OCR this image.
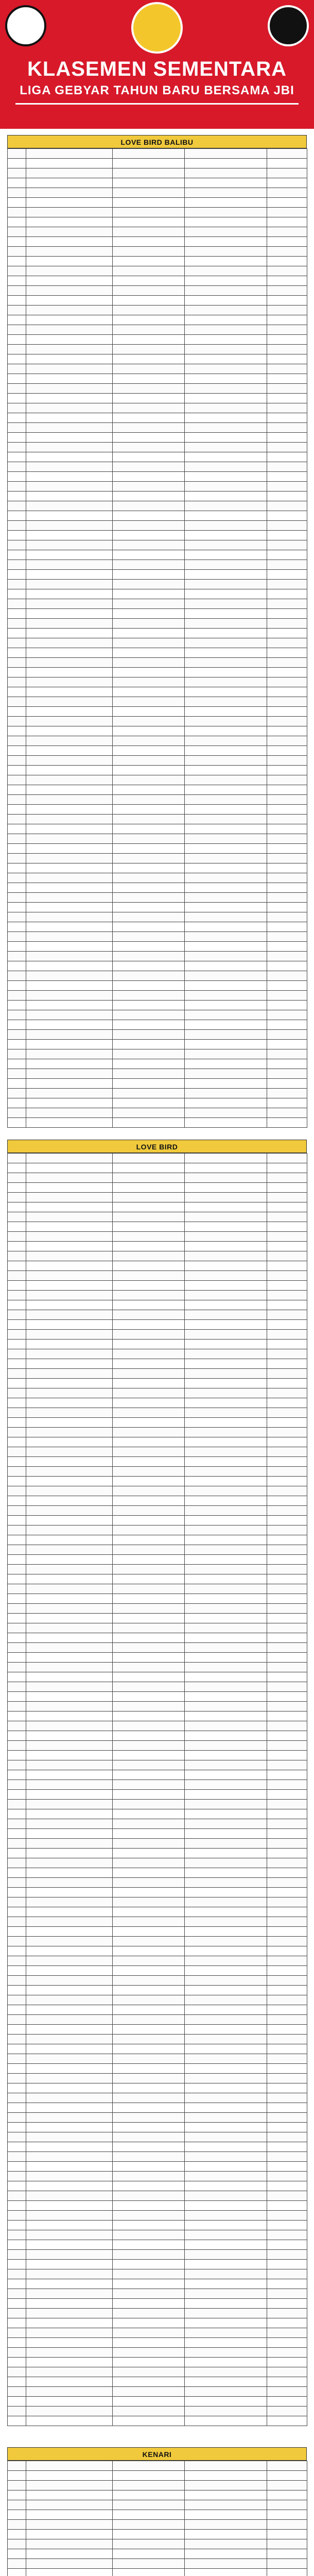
KLASEMEN SEMENTARA
LIGA GEBYAR TAHUN BARU BERSAMA JBI
LOVE BIRD BALIBU

LOVE BIRD

KENARI
